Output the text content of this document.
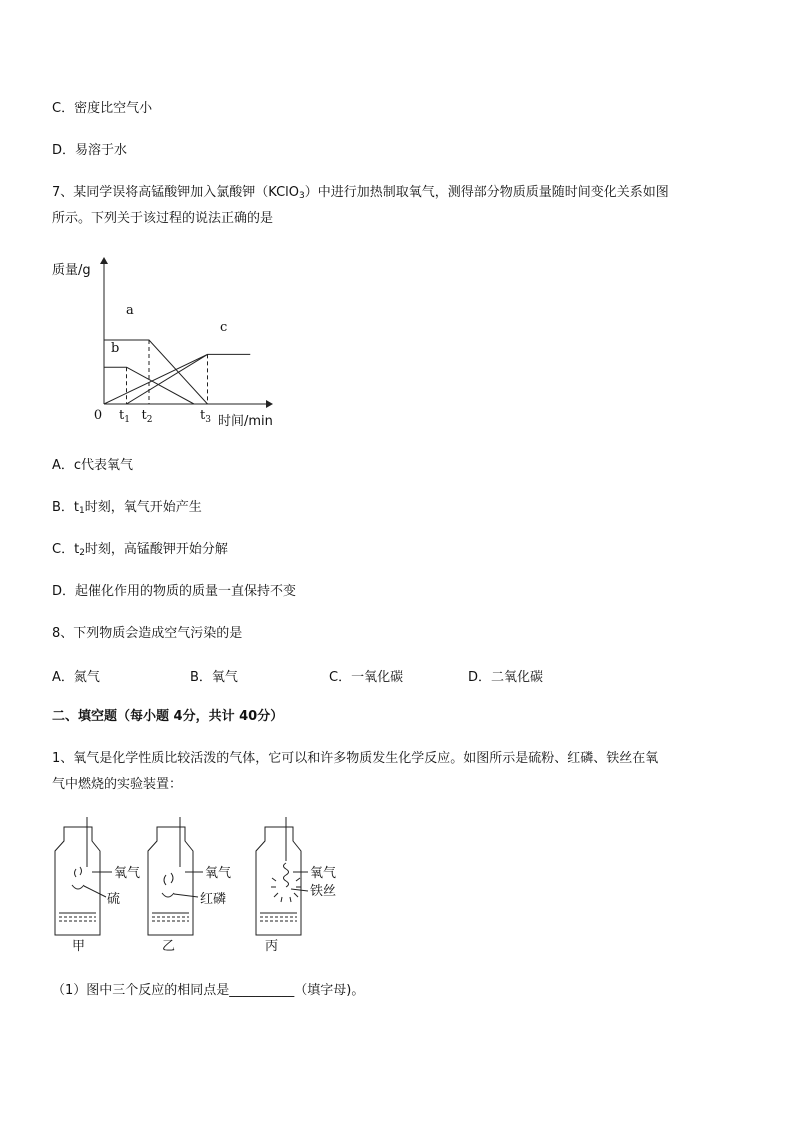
C．密度比空气小
D．易溶于水
7、某同学误将高锰酸钾加入氯酸钾（KClO$_3$）中进行加热制取氧气，测得部分物质质量随时间变化关系如图
所示。下列关于该过程的说法正确的是
质量/g
时间/min
0 $t_1$ $t_2$	$t_3$
a
b
c
A．c代表氧气
B．$t_1$时刻，氧气开始产生
C．$t_2$时刻，高锰酸钾开始分解
D．起催化作用的物质的质量一直保持不变
8、下列物质会造成空气污染的是
A．氮气	B．氧气	C．一氧化碳	D．二氧化碳
二、填空题（每小题 4分，共计 40分）
1、氧气是化学性质比较活泼的气体，它可以和许多物质发生化学反应。如图所示是硫粉、红磷、铁丝在氧
气中燃烧的实验装置：
氧气
硫
甲
氧气
红磷
乙
氧气
铁丝
丙
（1）图中三个反应的相同点是__________（填字母)。
